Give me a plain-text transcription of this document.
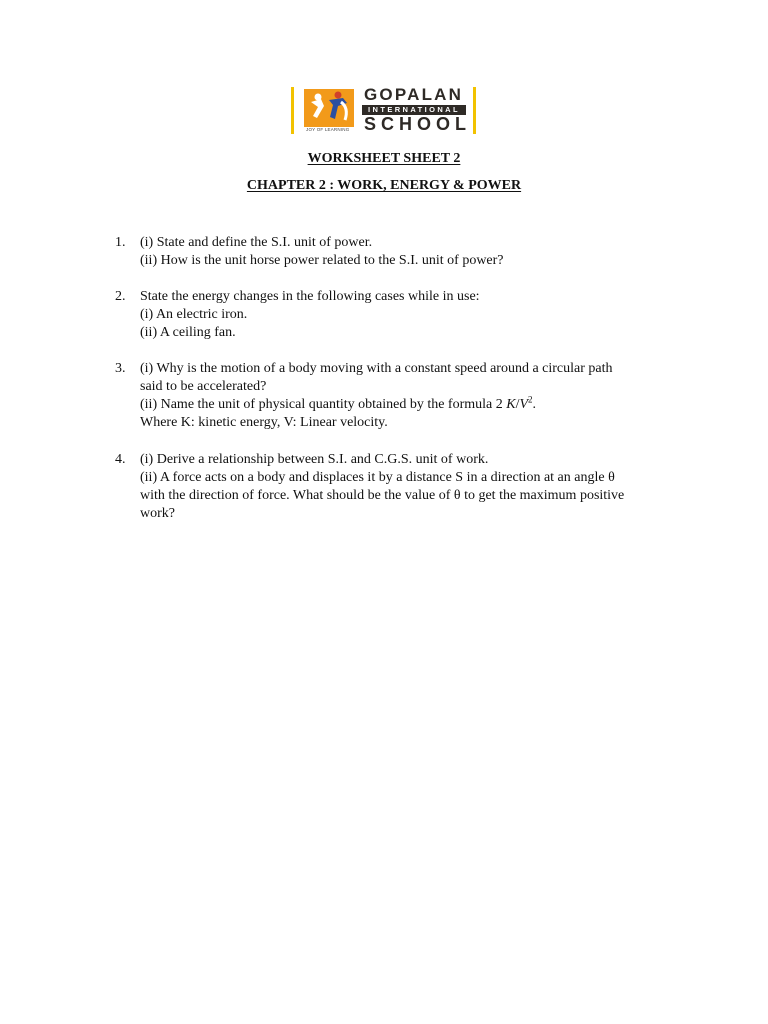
GOPALAN
INTERNATIONAL
SCHOOL
JOY OF LEARNING
WORKSHEET SHEET 2
CHAPTER 2 : WORK, ENERGY & POWER
1.	(i) State and define the S.I. unit of power.
(ii) How is the unit horse power related to the S.I. unit of power?
2.	State the energy changes in the following cases while in use:
(i) An electric iron.
(ii) A ceiling fan.
3.	(i) Why is the motion of a body moving with a constant speed around a circular path
said to be accelerated?
(ii) Name the unit of physical quantity obtained by the formula 2 $K/V^2$.
Where K: kinetic energy, V: Linear velocity.
4.	(i) Derive a relationship between S.I. and C.G.S. unit of work.
(ii) A force acts on a body and displaces it by a distance S in a direction at an angle θ
with the direction of force. What should be the value of θ to get the maximum positive
work?
